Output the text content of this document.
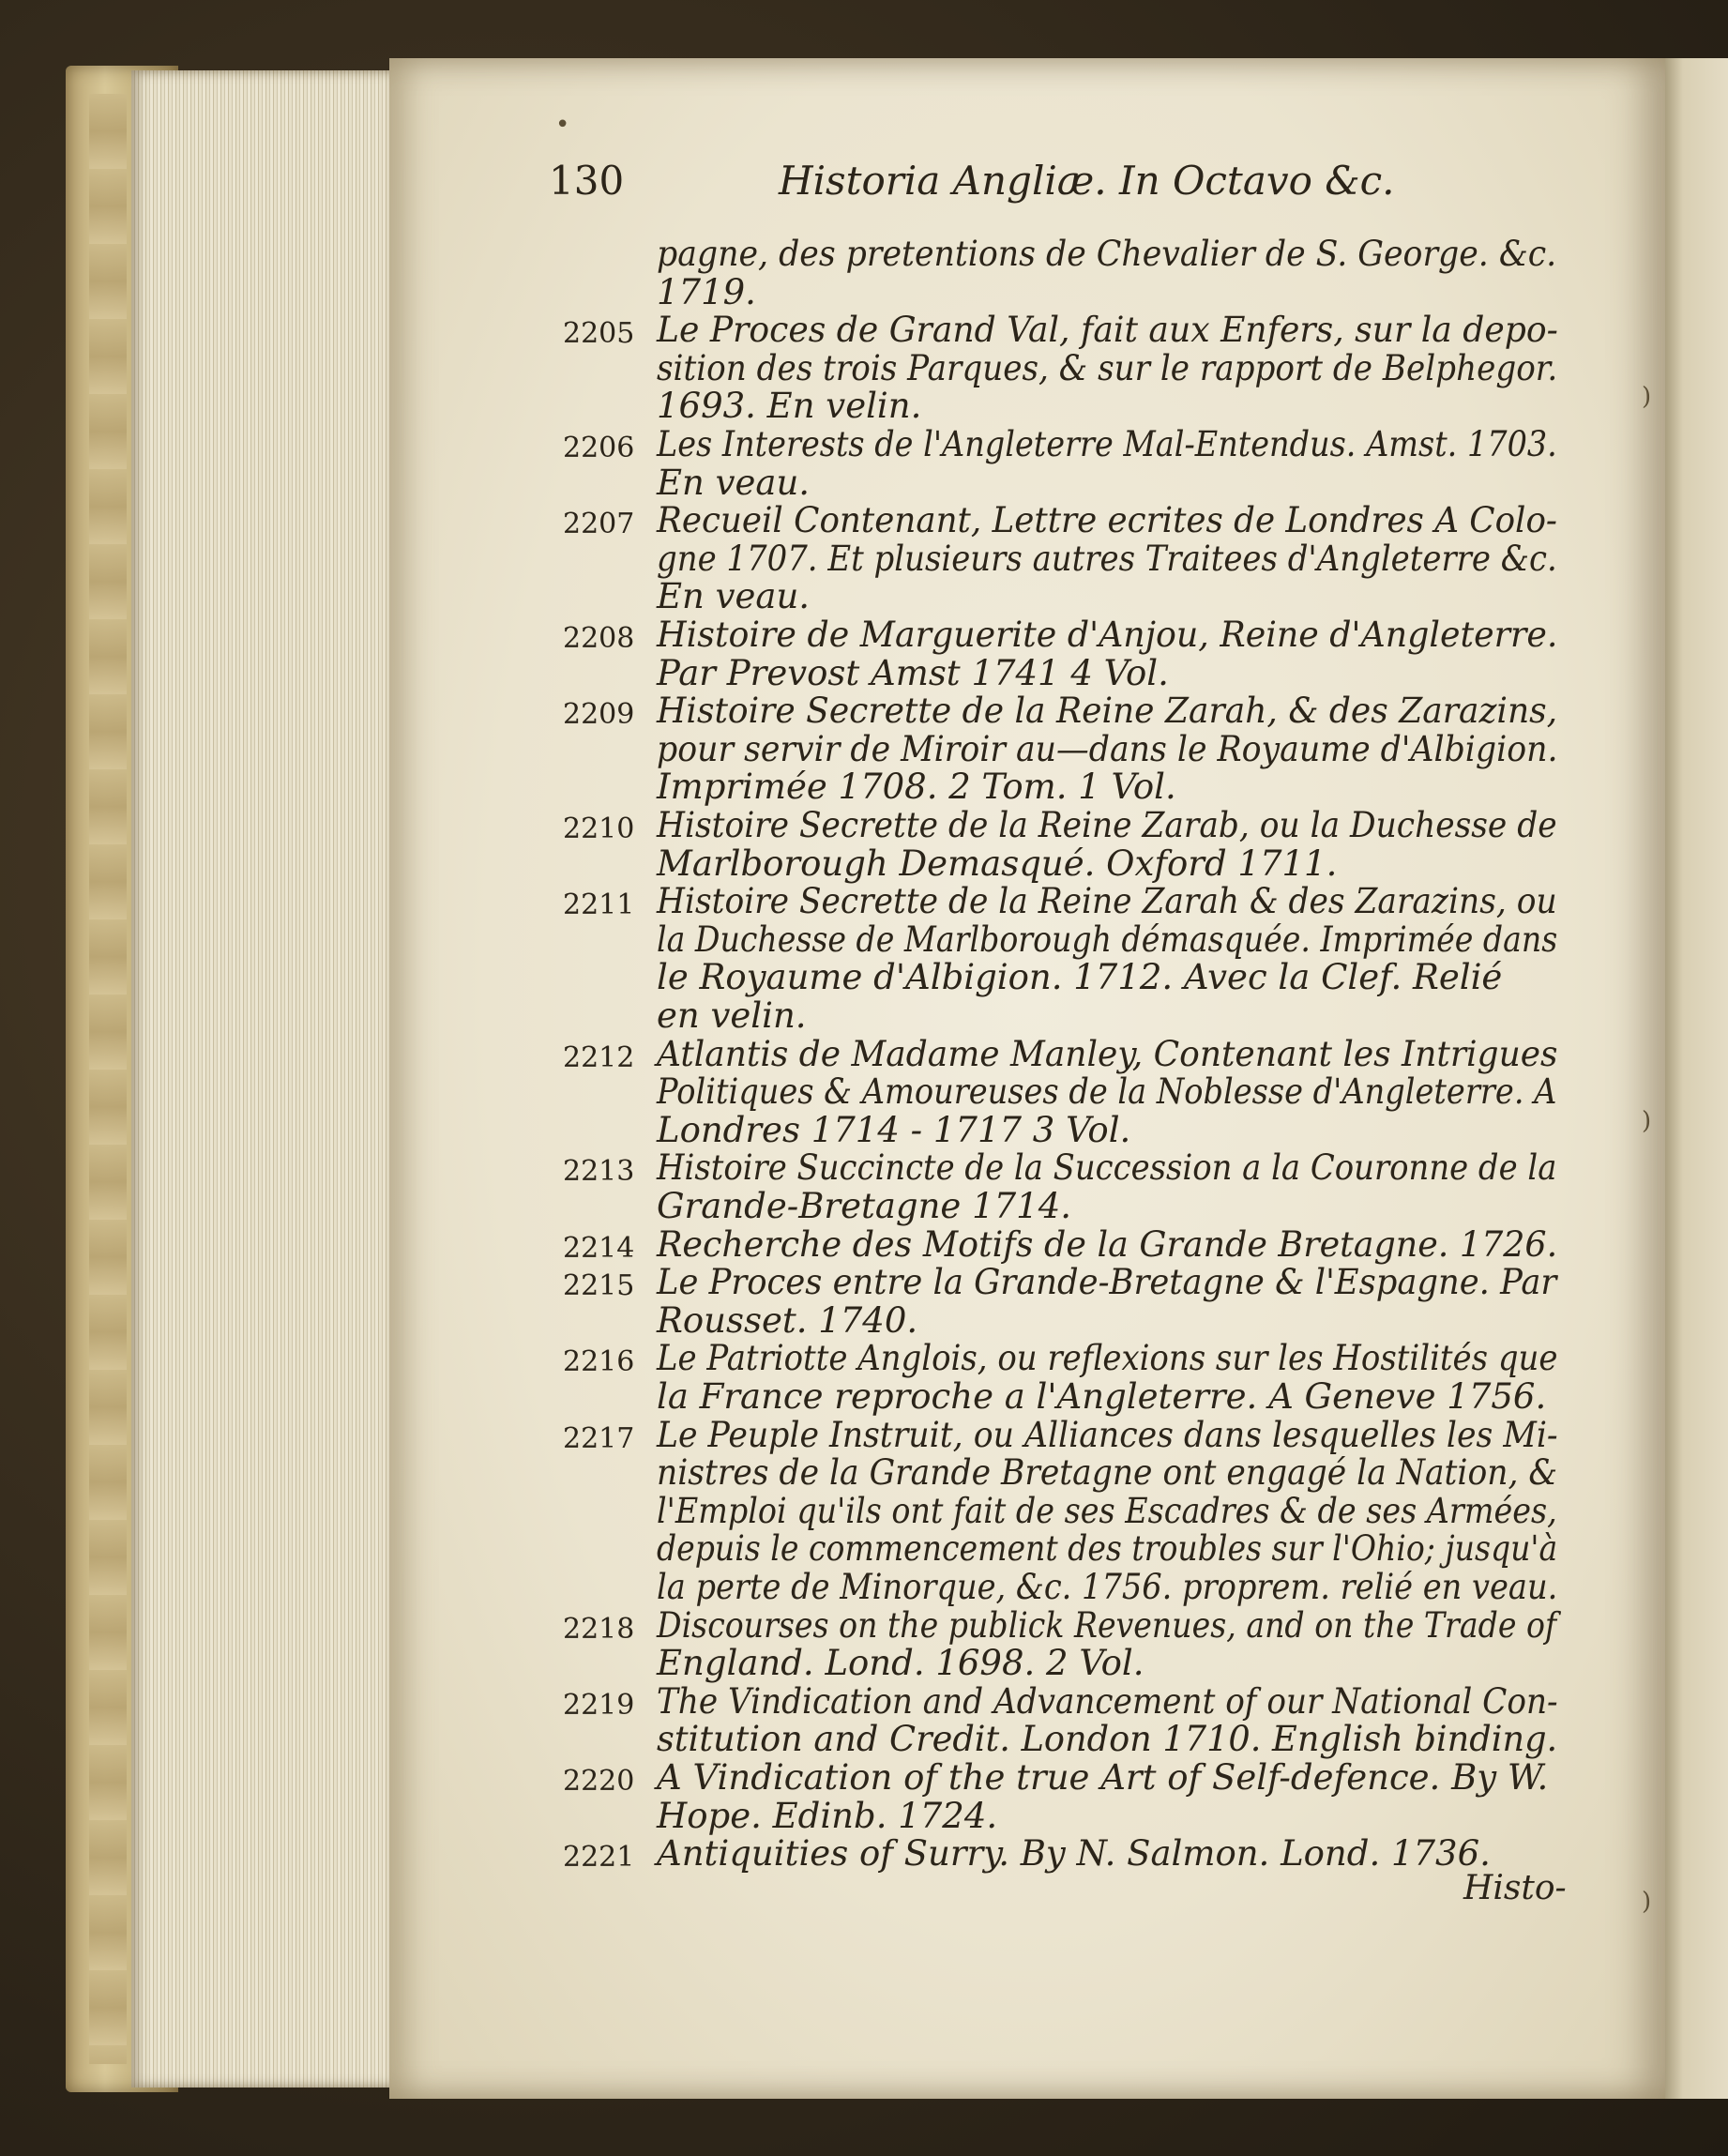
130	Historia Angliæ. In Octavo &c.
pagne, des pretentions de Chevalier de S. George. &c.
1719.
2205 Le Proces de Grand Val, fait aux Enfers, sur la depo-
sition des trois Parques, & sur le rapport de Belphegor.
1693. En velin.
2206 Les Interests de l'Angleterre Mal-Entendus. Amst. 1703.
En veau.
2207 Recueil Contenant, Lettre ecrites de Londres A Colo-
gne 1707. Et plusieurs autres Traitees d'Angleterre &c.
En veau.
2208 Histoire de Marguerite d'Anjou, Reine d'Angleterre.
Par Prevost Amst 1741 4 Vol.
2209 Histoire Secrette de la Reine Zarah, & des Zarazins,
pour servir de Miroir au—dans le Royaume d'Albigion.
Imprimée 1708. 2 Tom. 1 Vol.
2210 Histoire Secrette de la Reine Zarab, ou la Duchesse de
Marlborough Demasqué. Oxford 1711.
2211 Histoire Secrette de la Reine Zarah & des Zarazins, ou
la Duchesse de Marlborough démasquée. Imprimée dans
le Royaume d'Albigion. 1712. Avec la Clef. Relié
en velin.
2212 Atlantis de Madame Manley, Contenant les Intrigues
Politiques & Amoureuses de la Noblesse d'Angleterre. A
Londres 1714 - 1717 3 Vol.
2213 Histoire Succincte de la Succession a la Couronne de la
Grande-Bretagne 1714.
2214 Recherche des Motifs de la Grande Bretagne. 1726.
2215 Le Proces entre la Grande-Bretagne & l'Espagne. Par
Rousset. 1740.
2216 Le Patriotte Anglois, ou reflexions sur les Hostilités que
la France reproche a l'Angleterre. A Geneve 1756.
2217 Le Peuple Instruit, ou Alliances dans lesquelles les Mi-
nistres de la Grande Bretagne ont engagé la Nation, &
l'Emploi qu'ils ont fait de ses Escadres & de ses Armées,
depuis le commencement des troubles sur l'Ohio; jusqu'à
la perte de Minorque, &c. 1756. proprem. relié en veau.
2218 Discourses on the publick Revenues, and on the Trade of
England. Lond. 1698. 2 Vol.
2219 The Vindication and Advancement of our National Con-
stitution and Credit. London 1710. English binding.
2220 A Vindication of the true Art of Self-defence. By W.
Hope. Edinb. 1724.
2221 Antiquities of Surry. By N. Salmon. Lond. 1736.
Histo-
•
)
)
)
